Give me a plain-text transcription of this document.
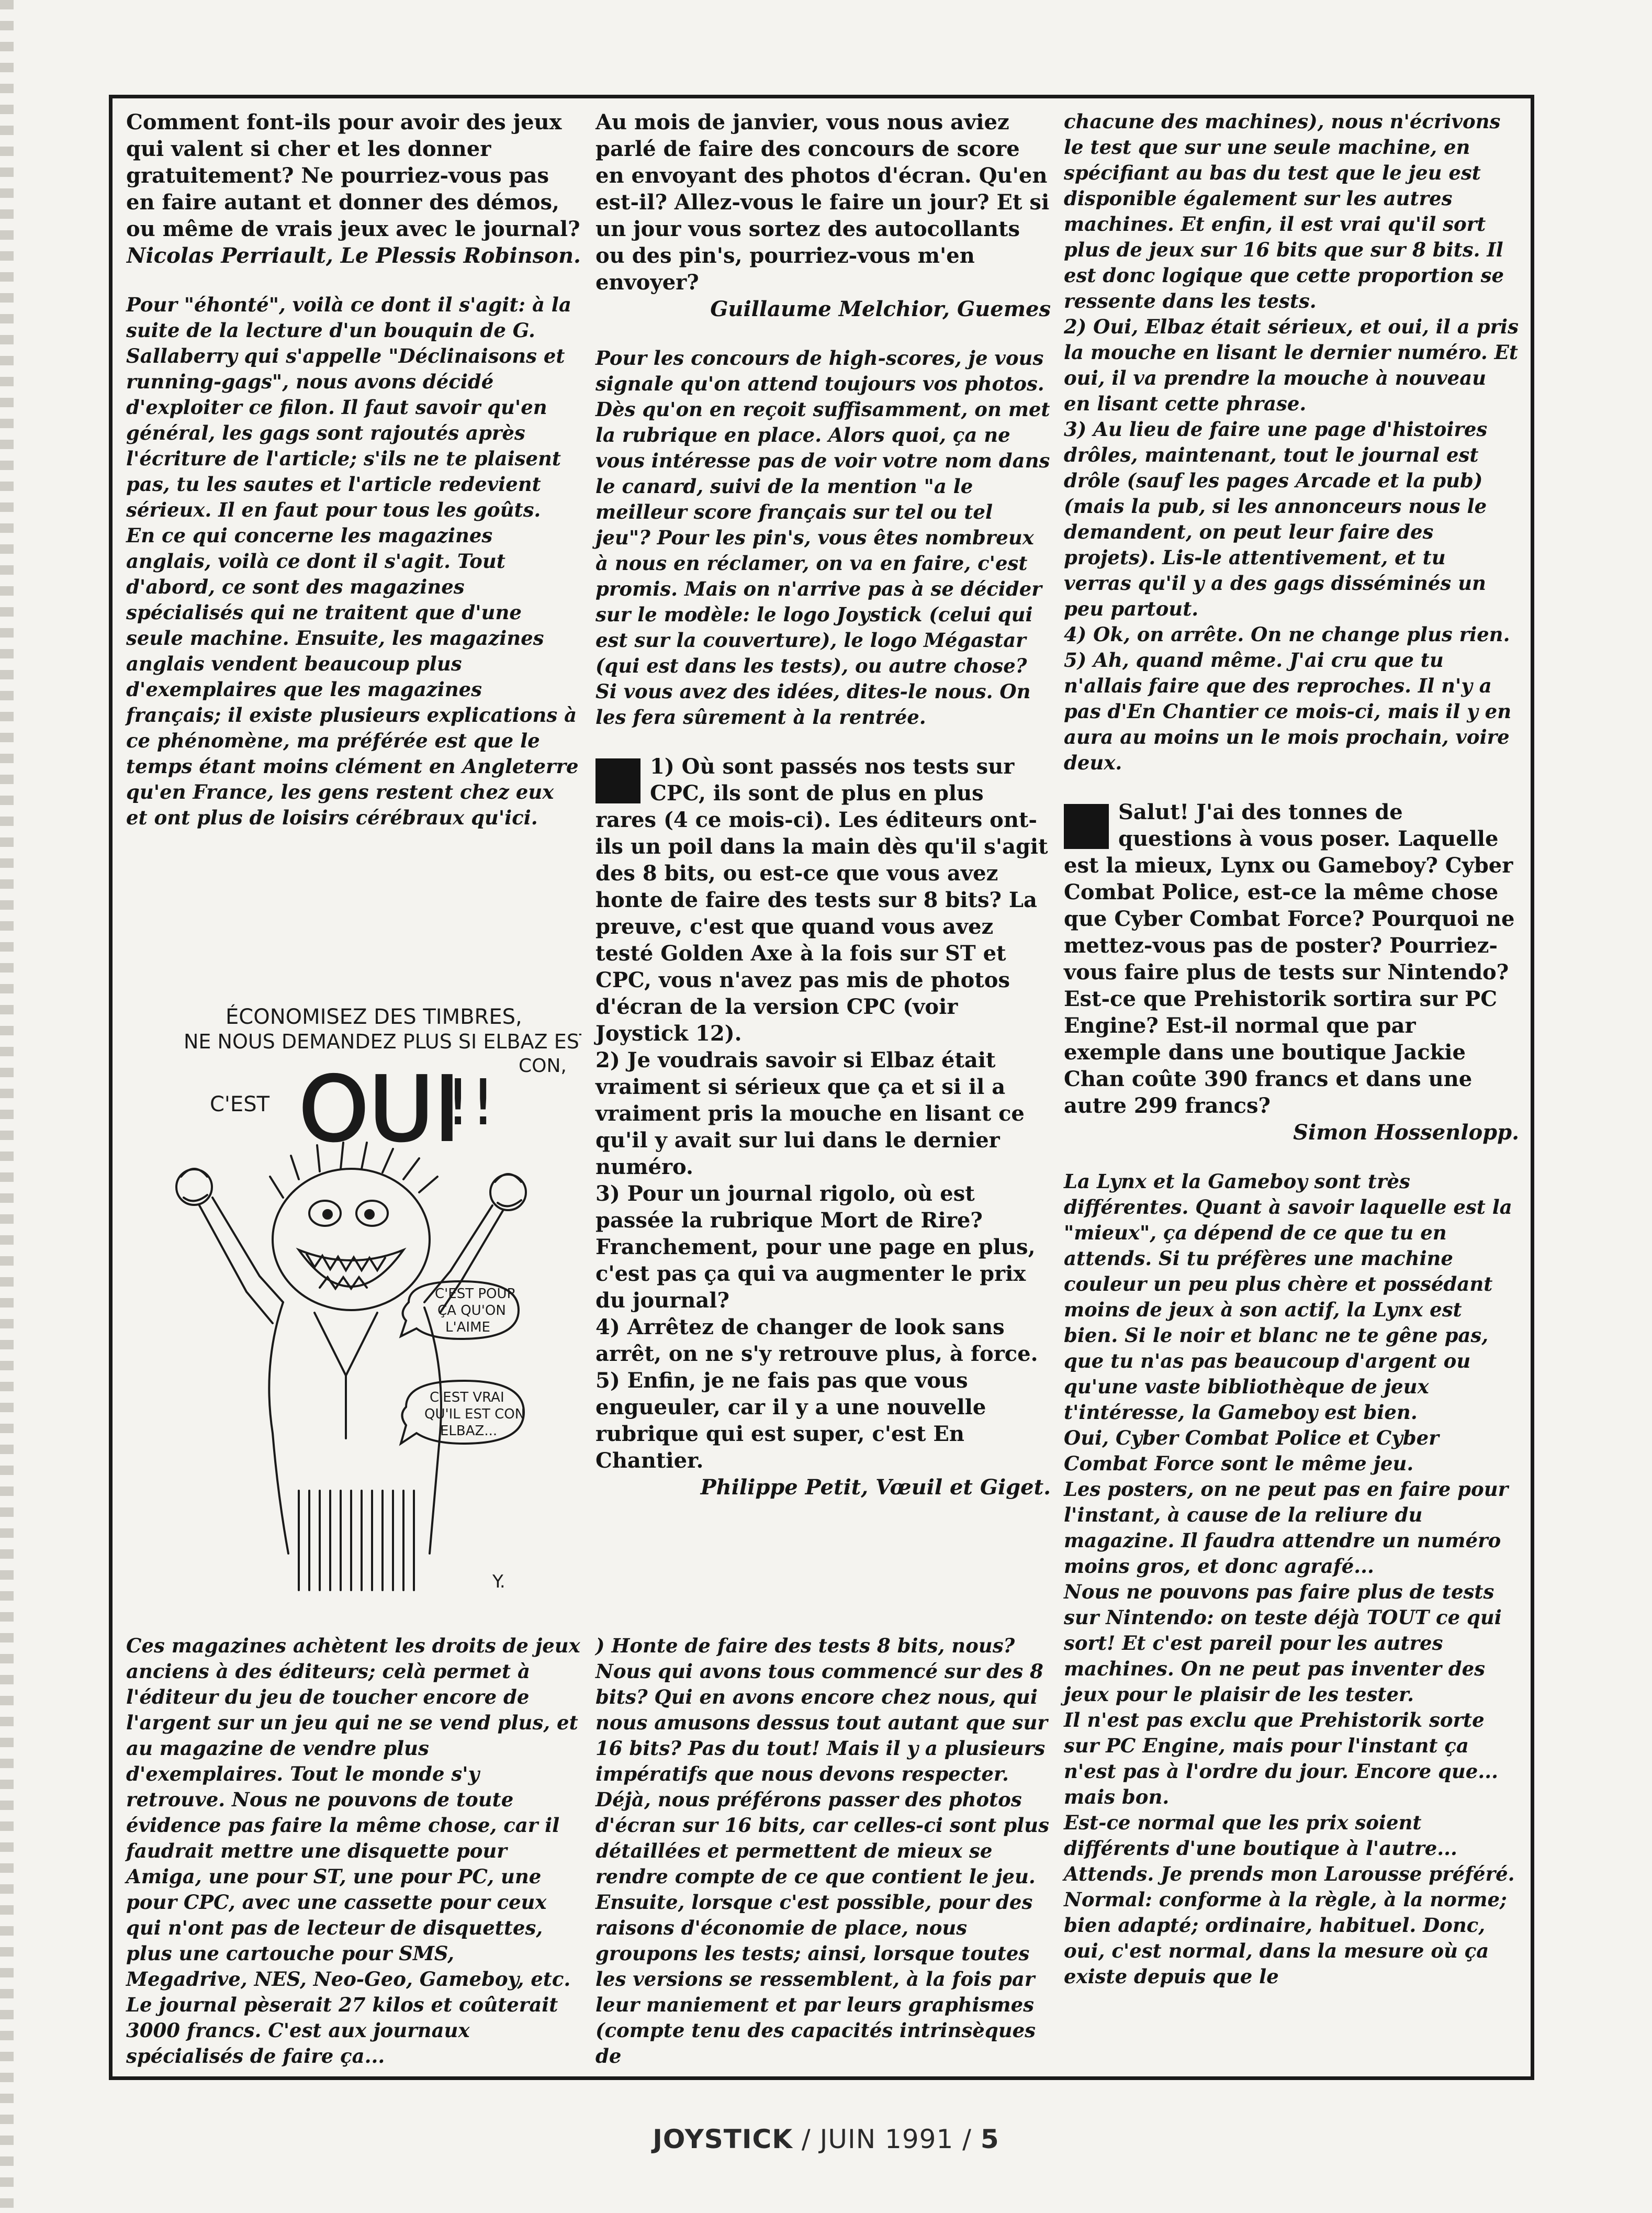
Comment font-ils pour avoir des jeux qui valent si cher et les donner gratuitement? Ne pourriez-vous pas en faire autant et donner des démos, ou même de vrais jeux avec le journal?

Nicolas Perriault, Le Plessis Robinson.

Pour "éhonté", voilà ce dont il s'agit: à la suite de la lecture d'un bouquin de G. Sallaberry qui s'appelle "Déclinaisons et running-gags", nous avons décidé d'exploiter ce filon. Il faut savoir qu'en général, les gags sont rajoutés après l'écriture de l'article; s'ils ne te plaisent pas, tu les sautes et l'article redevient sérieux. Il en faut pour tous les goûts.

En ce qui concerne les magazines anglais, voilà ce dont il s'agit. Tout d'abord, ce sont des magazines spécialisés qui ne traitent que d'une seule machine. Ensuite, les magazines anglais vendent beaucoup plus d'exemplaires que les magazines français; il existe plusieurs explications à ce phénomène, ma préférée est que le temps étant moins clément en Angleterre qu'en France, les gens restent chez eux et ont plus de loisirs cérébraux qu'ici.

ÉCONOMISEZ DES TIMBRES,
NE NOUS DEMANDEZ PLUS SI ELBAZ EST
CON,
C'EST OUI
!!
C'EST POUR
ÇA QU'ON
L'AIME
C'EST VRAI
QU'IL EST CON
ELBAZ...
Y.

Ces magazines achètent les droits de jeux anciens à des éditeurs; celà permet à l'éditeur du jeu de toucher encore de l'argent sur un jeu qui ne se vend plus, et au magazine de vendre plus d'exemplaires. Tout le monde s'y retrouve. Nous ne pouvons de toute évidence pas faire la même chose, car il faudrait mettre une disquette pour Amiga, une pour ST, une pour PC, une pour CPC, avec une cassette pour ceux qui n'ont pas de lecteur de disquettes, plus une cartouche pour SMS, Megadrive, NES, Neo-Geo, Gameboy, etc. Le journal pèserait 27 kilos et coûterait 3000 francs. C'est aux journaux spécialisés de faire ça...

Au mois de janvier, vous nous aviez parlé de faire des concours de score en envoyant des photos d'écran. Qu'en est-il? Allez-vous le faire un jour? Et si un jour vous sortez des autocollants ou des pin's, pourriez-vous m'en envoyer?

Guillaume Melchior, Guemes

Pour les concours de high-scores, je vous signale qu'on attend toujours vos photos. Dès qu'on en reçoit suffisamment, on met la rubrique en place. Alors quoi, ça ne vous intéresse pas de voir votre nom dans le canard, suivi de la mention "a le meilleur score français sur tel ou tel jeu"? Pour les pin's, vous êtes nombreux à nous en réclamer, on va en faire, c'est promis. Mais on n'arrive pas à se décider sur le modèle: le logo Joystick (celui qui est sur la couverture), le logo Mégastar (qui est dans les tests), ou autre chose? Si vous avez des idées, dites-le nous. On les fera sûrement à la rentrée.

1) Où sont passés nos tests sur CPC, ils sont de plus en plus rares (4 ce mois-ci). Les éditeurs ont-ils un poil dans la main dès qu'il s'agit des 8 bits, ou est-ce que vous avez honte de faire des tests sur 8 bits? La preuve, c'est que quand vous avez testé Golden Axe à la fois sur ST et CPC, vous n'avez pas mis de photos d'écran de la version CPC (voir Joystick 12).

2) Je voudrais savoir si Elbaz était vraiment si sérieux que ça et si il a vraiment pris la mouche en lisant ce qu'il y avait sur lui dans le dernier numéro.

3) Pour un journal rigolo, où est passée la rubrique Mort de Rire? Franchement, pour une page en plus, c'est pas ça qui va augmenter le prix du journal?

4) Arrêtez de changer de look sans arrêt, on ne s'y retrouve plus, à force.

5) Enfin, je ne fais pas que vous engueuler, car il y a une nouvelle rubrique qui est super, c'est En Chantier.

Philippe Petit, Vœuil et Giget.

) Honte de faire des tests 8 bits, nous? Nous qui avons tous commencé sur des 8 bits? Qui en avons encore chez nous, qui nous amusons dessus tout autant que sur 16 bits? Pas du tout! Mais il y a plusieurs impératifs que nous devons respecter. Déjà, nous préférons passer des photos d'écran sur 16 bits, car celles-ci sont plus détaillées et permettent de mieux se rendre compte de ce que contient le jeu. Ensuite, lorsque c'est possible, pour des raisons d'économie de place, nous groupons les tests; ainsi, lorsque toutes les versions se ressemblent, à la fois par leur maniement et par leurs graphismes (compte tenu des capacités intrinsèques de

chacune des machines), nous n'écrivons le test que sur une seule machine, en spécifiant au bas du test que le jeu est disponible également sur les autres machines. Et enfin, il est vrai qu'il sort plus de jeux sur 16 bits que sur 8 bits. Il est donc logique que cette proportion se ressente dans les tests.

2) Oui, Elbaz était sérieux, et oui, il a pris la mouche en lisant le dernier numéro. Et oui, il va prendre la mouche à nouveau en lisant cette phrase.

3) Au lieu de faire une page d'histoires drôles, maintenant, tout le journal est drôle (sauf les pages Arcade et la pub) (mais la pub, si les annonceurs nous le demandent, on peut leur faire des projets). Lis-le attentivement, et tu verras qu'il y a des gags disséminés un peu partout.

4) Ok, on arrête. On ne change plus rien.

5) Ah, quand même. J'ai cru que tu n'allais faire que des reproches. Il n'y a pas d'En Chantier ce mois-ci, mais il y en aura au moins un le mois prochain, voire deux.

Salut! J'ai des tonnes de questions à vous poser. Laquelle est la mieux, Lynx ou Gameboy? Cyber Combat Police, est-ce la même chose que Cyber Combat Force? Pourquoi ne mettez-vous pas de poster? Pourriez-vous faire plus de tests sur Nintendo? Est-ce que Prehistorik sortira sur PC Engine? Est-il normal que par exemple dans une boutique Jackie Chan coûte 390 francs et dans une autre 299 francs?

Simon Hossenlopp.

La Lynx et la Gameboy sont très différentes. Quant à savoir laquelle est la "mieux", ça dépend de ce que tu en attends. Si tu préfères une machine couleur un peu plus chère et possédant moins de jeux à son actif, la Lynx est bien. Si le noir et blanc ne te gêne pas, que tu n'as pas beaucoup d'argent ou qu'une vaste bibliothèque de jeux t'intéresse, la Gameboy est bien.

Oui, Cyber Combat Police et Cyber Combat Force sont le même jeu.

Les posters, on ne peut pas en faire pour l'instant, à cause de la reliure du magazine. Il faudra attendre un numéro moins gros, et donc agrafé...

Nous ne pouvons pas faire plus de tests sur Nintendo: on teste déjà TOUT ce qui sort! Et c'est pareil pour les autres machines. On ne peut pas inventer des jeux pour le plaisir de les tester.

Il n'est pas exclu que Prehistorik sorte sur PC Engine, mais pour l'instant ça n'est pas à l'ordre du jour. Encore que... mais bon.

Est-ce normal que les prix soient différents d'une boutique à l'autre... Attends. Je prends mon Larousse préféré. Normal: conforme à la règle, à la norme; bien adapté; ordinaire, habituel. Donc, oui, c'est normal, dans la mesure où ça existe depuis que le

JOYSTICK / JUIN 1991 / 5
